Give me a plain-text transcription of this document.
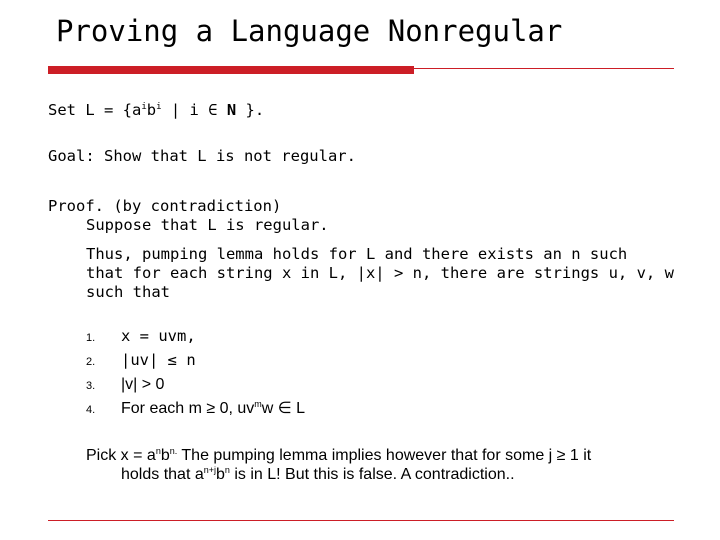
Proving a Language Nonregular
Set $L = \{a^ib^i$ | i ∈ N }.
Goal: Show that L is not regular.
Proof. (by contradiction)
Suppose that L is regular.
Thus, pumping lemma holds for L and there exists an n such
that for each string x in L, |x| > n, there are strings u, v, w
such that
1. x = uvm,
2. |uv| ≤ n
3. |v| > 0
4. For each m ≥ 0, $uv^mw$ ∈ L
Pick $x = a^nb^{n.}$ The pumping lemma implies however that for some j ≥ 1 it
holds that $a^{n+j}b^n$ is in L! But this is false. A contradiction..
